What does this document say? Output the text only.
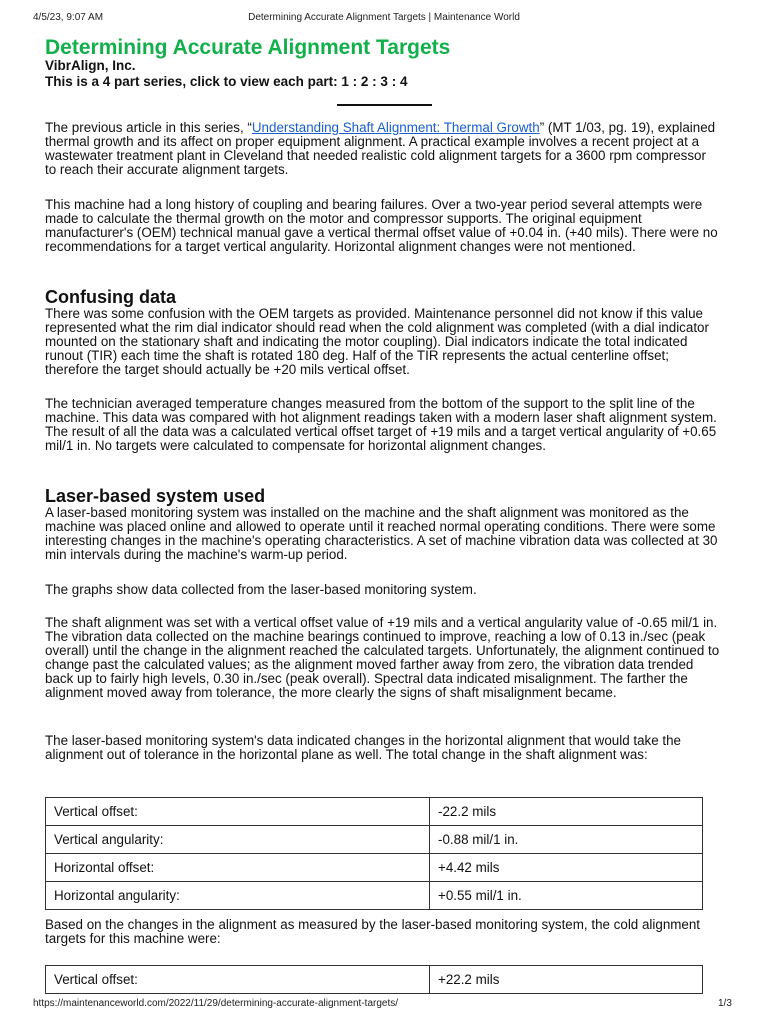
4/5/23, 9:07 AM	Determining Accurate Alignment Targets | Maintenance World
Determining Accurate Alignment Targets
VibrAlign, Inc.
This is a 4 part series, click to view each part: 1 : 2 : 3 : 4

The previous article in this series, “Understanding Shaft Alignment: Thermal Growth” (MT 1/03, pg. 19), explained thermal growth and its affect on proper equipment alignment. A practical example involves a recent project at a wastewater treatment plant in Cleveland that needed realistic cold alignment targets for a 3600 rpm compressor to reach their accurate alignment targets.

This machine had a long history of coupling and bearing failures. Over a two-year period several attempts were made to calculate the thermal growth on the motor and compressor supports. The original equipment manufacturer's (OEM) technical manual gave a vertical thermal offset value of +0.04 in. (+40 mils). There were no recommendations for a target vertical angularity. Horizontal alignment changes were not mentioned.

Confusing data

There was some confusion with the OEM targets as provided. Maintenance personnel did not know if this value represented what the rim dial indicator should read when the cold alignment was completed (with a dial indicator mounted on the stationary shaft and indicating the motor coupling). Dial indicators indicate the total indicated runout (TIR) each time the shaft is rotated 180 deg. Half of the TIR represents the actual centerline offset; therefore the target should actually be +20 mils vertical offset.

The technician averaged temperature changes measured from the bottom of the support to the split line of the machine. This data was compared with hot alignment readings taken with a modern laser shaft alignment system. The result of all the data was a calculated vertical offset target of +19 mils and a target vertical angularity of +0.65 mil/1 in. No targets were calculated to compensate for horizontal alignment changes.

Laser-based system used

A laser-based monitoring system was installed on the machine and the shaft alignment was monitored as the machine was placed online and allowed to operate until it reached normal operating conditions. There were some interesting changes in the machine's operating characteristics. A set of machine vibration data was collected at 30 min intervals during the machine's warm-up period.

The graphs show data collected from the laser-based monitoring system.

The shaft alignment was set with a vertical offset value of +19 mils and a vertical angularity value of -0.65 mil/1 in. The vibration data collected on the machine bearings continued to improve, reaching a low of 0.13 in./sec (peak overall) until the change in the alignment reached the calculated targets. Unfortunately, the alignment continued to change past the calculated values; as the alignment moved farther away from zero, the vibration data trended back up to fairly high levels, 0.30 in./sec (peak overall). Spectral data indicated misalignment. The farther the alignment moved away from tolerance, the more clearly the signs of shaft misalignment became.

The laser-based monitoring system's data indicated changes in the horizontal alignment that would take the alignment out of tolerance in the horizontal plane as well. The total change in the shaft alignment was:

Vertical offset:	-22.2 mils
Vertical angularity:	-0.88 mil/1 in.
Horizontal offset:	+4.42 mils
Horizontal angularity:	+0.55 mil/1 in.

Based on the changes in the alignment as measured by the laser-based monitoring system, the cold alignment targets for this machine were:

Vertical offset:	+22.2 mils
https://maintenanceworld.com/2022/11/29/determining-accurate-alignment-targets/	1/3
